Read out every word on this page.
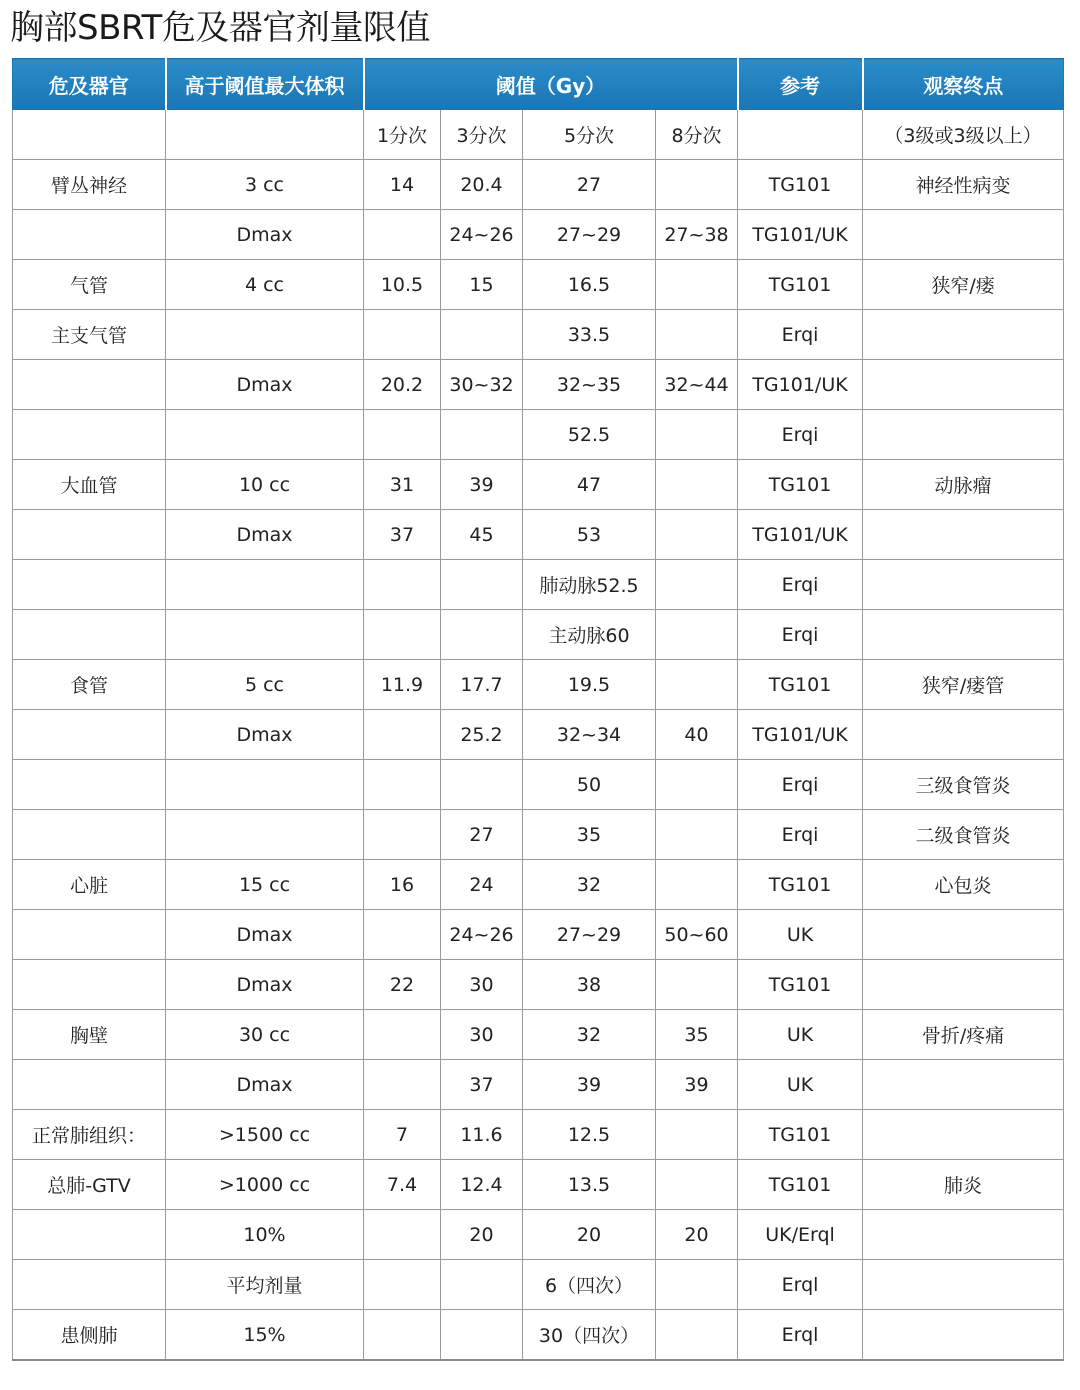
胸部SBRT危及器官剂量限值
危及器官	高于阈值最大体积	阈值（Gy）				参考	观察终点
		1分次	3分次	5分次	8分次		（3级或3级以上）
臂丛神经	3 cc	14	20.4	27		TG101	神经性病变
	Dmax		24~26	27~29	27~38	TG101/UK	
气管	4 cc	10.5	15	16.5		TG101	狭窄/瘘
主支气管				33.5		Erqi	
	Dmax	20.2	30~32	32~35	32~44	TG101/UK	
				52.5		Erqi	
大血管	10 cc	31	39	47		TG101	动脉瘤
	Dmax	37	45	53		TG101/UK	
				肺动脉52.5		Erqi	
				主动脉60		Erqi	
食管	5 cc	11.9	17.7	19.5		TG101	狭窄/瘘管
	Dmax		25.2	32~34	40	TG101/UK	
				50		Erqi	三级食管炎
			27	35		Erqi	二级食管炎
心脏	15 cc	16	24	32		TG101	心包炎
	Dmax		24~26	27~29	50~60	UK	
	Dmax	22	30	38		TG101	
胸壁	30 cc		30	32	35	UK	骨折/疼痛
	Dmax		37	39	39	UK	
正常肺组织：	>1500 cc	7	11.6	12.5		TG101	
总肺-GTV	>1000 cc	7.4	12.4	13.5		TG101	肺炎
	10%		20	20	20	UK/Erql	
	平均剂量			6（四次）		Erql	
患侧肺	15%			30（四次）		Erql	
